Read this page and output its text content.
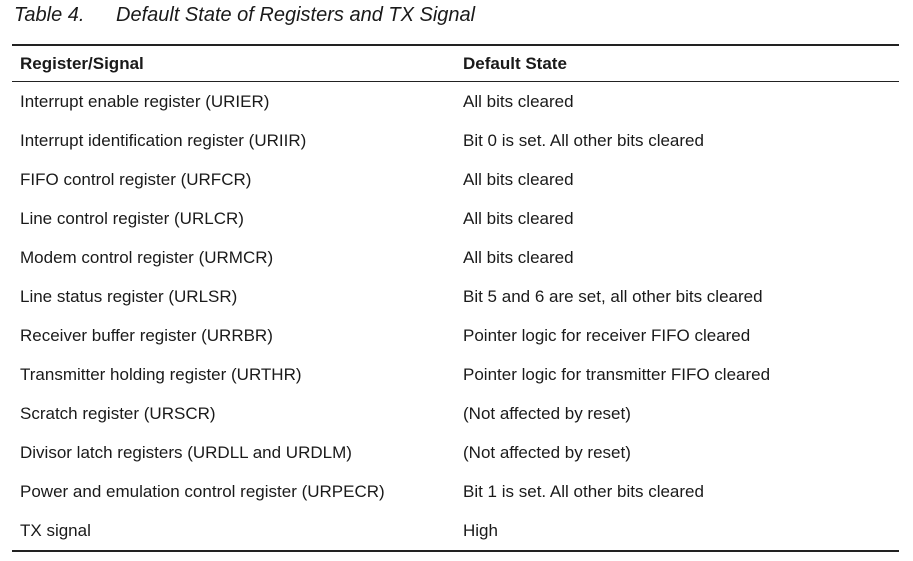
Table 4. Default State of Registers and TX Signal
Register/Signal	Default State
Interrupt enable register (URIER)	All bits cleared
Interrupt identification register (URIIR)	Bit 0 is set. All other bits cleared
FIFO control register (URFCR)	All bits cleared
Line control register (URLCR)	All bits cleared
Modem control register (URMCR)	All bits cleared
Line status register (URLSR)	Bit 5 and 6 are set, all other bits cleared
Receiver buffer register (URRBR)	Pointer logic for receiver FIFO cleared
Transmitter holding register (URTHR)	Pointer logic for transmitter FIFO cleared
Scratch register (URSCR)	(Not affected by reset)
Divisor latch registers (URDLL and URDLM)	(Not affected by reset)
Power and emulation control register (URPECR)	Bit 1 is set. All other bits cleared
TX signal	High
